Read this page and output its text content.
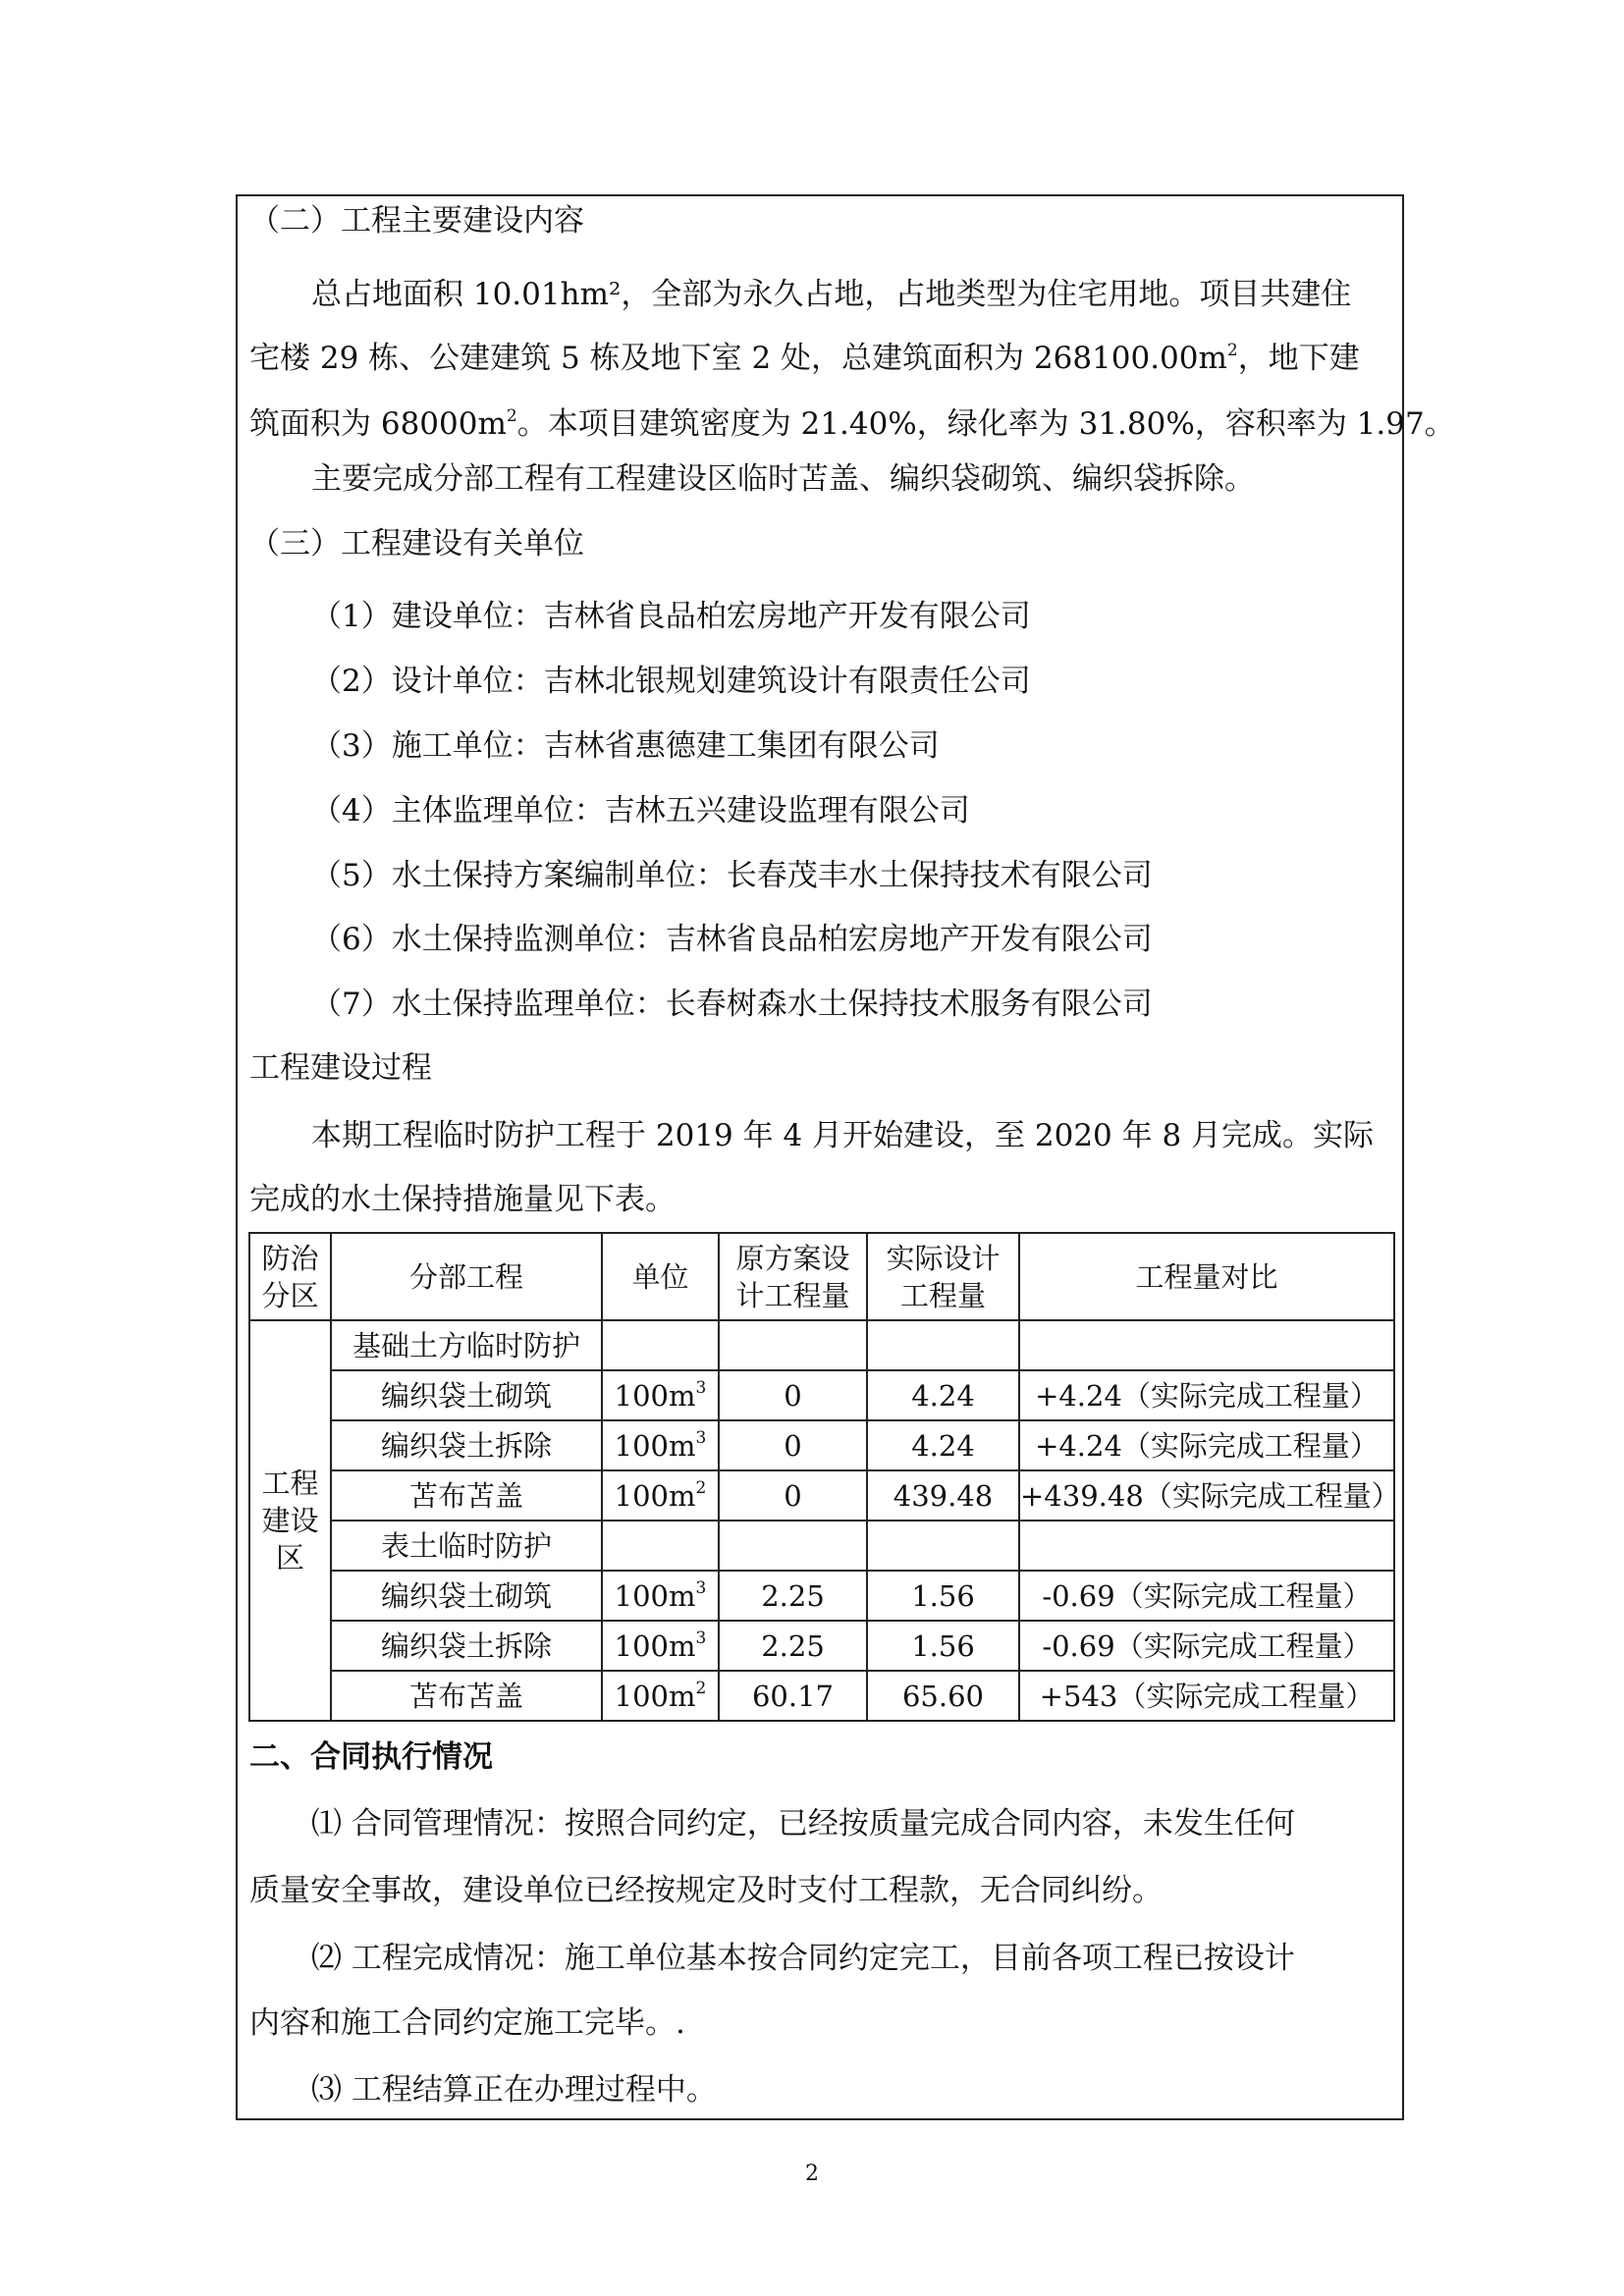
（二）工程主要建设内容
总占地面积 10.01hm²，全部为永久占地，占地类型为住宅用地。项目共建住
宅楼 29 栋、公建建筑 5 栋及地下室 2 处，总建筑面积为 $268100.00m^2$，地下建
筑面积为 $68000m^2$。本项目建筑密度为 21.40%，绿化率为 31.80%，容积率为 1.97。
主要完成分部工程有工程建设区临时苫盖、编织袋砌筑、编织袋拆除。
（三）工程建设有关单位
（1）建设单位：吉林省良品柏宏房地产开发有限公司
（2）设计单位：吉林北银规划建筑设计有限责任公司
（3）施工单位：吉林省惠德建工集团有限公司
（4）主体监理单位：吉林五兴建设监理有限公司
（5）水土保持方案编制单位：长春茂丰水土保持技术有限公司
（6）水土保持监测单位：吉林省良品柏宏房地产开发有限公司
（7）水土保持监理单位：长春树森水土保持技术服务有限公司
工程建设过程
本期工程临时防护工程于 2019 年 4 月开始建设，至 2020 年 8 月完成。实际
完成的水土保持措施量见下表。
防治
分区	分部工程	单位	原方案设
计工程量	实际设计
工程量	工程量对比
工程
建设
区	基础土方临时防护				
	编织袋土砌筑	$100m^3$	0	4.24	+4.24（实际完成工程量）
	编织袋土拆除	$100m^3$	0	4.24	+4.24（实际完成工程量）
	苫布苫盖	$100m^2$	0	439.48	+439.48（实际完成工程量）
	表土临时防护				
	编织袋土砌筑	$100m^3$	2.25	1.56	-0.69（实际完成工程量）
	编织袋土拆除	$100m^3$	2.25	1.56	-0.69（实际完成工程量）
	苫布苫盖	$100m^2$	60.17	65.60	+543（实际完成工程量）
二、合同执行情况
⑴ 合同管理情况：按照合同约定，已经按质量完成合同内容，未发生任何
质量安全事故，建设单位已经按规定及时支付工程款，无合同纠纷。
⑵ 工程完成情况：施工单位基本按合同约定完工，目前各项工程已按设计
内容和施工合同约定施工完毕。.
⑶ 工程结算正在办理过程中。
2
